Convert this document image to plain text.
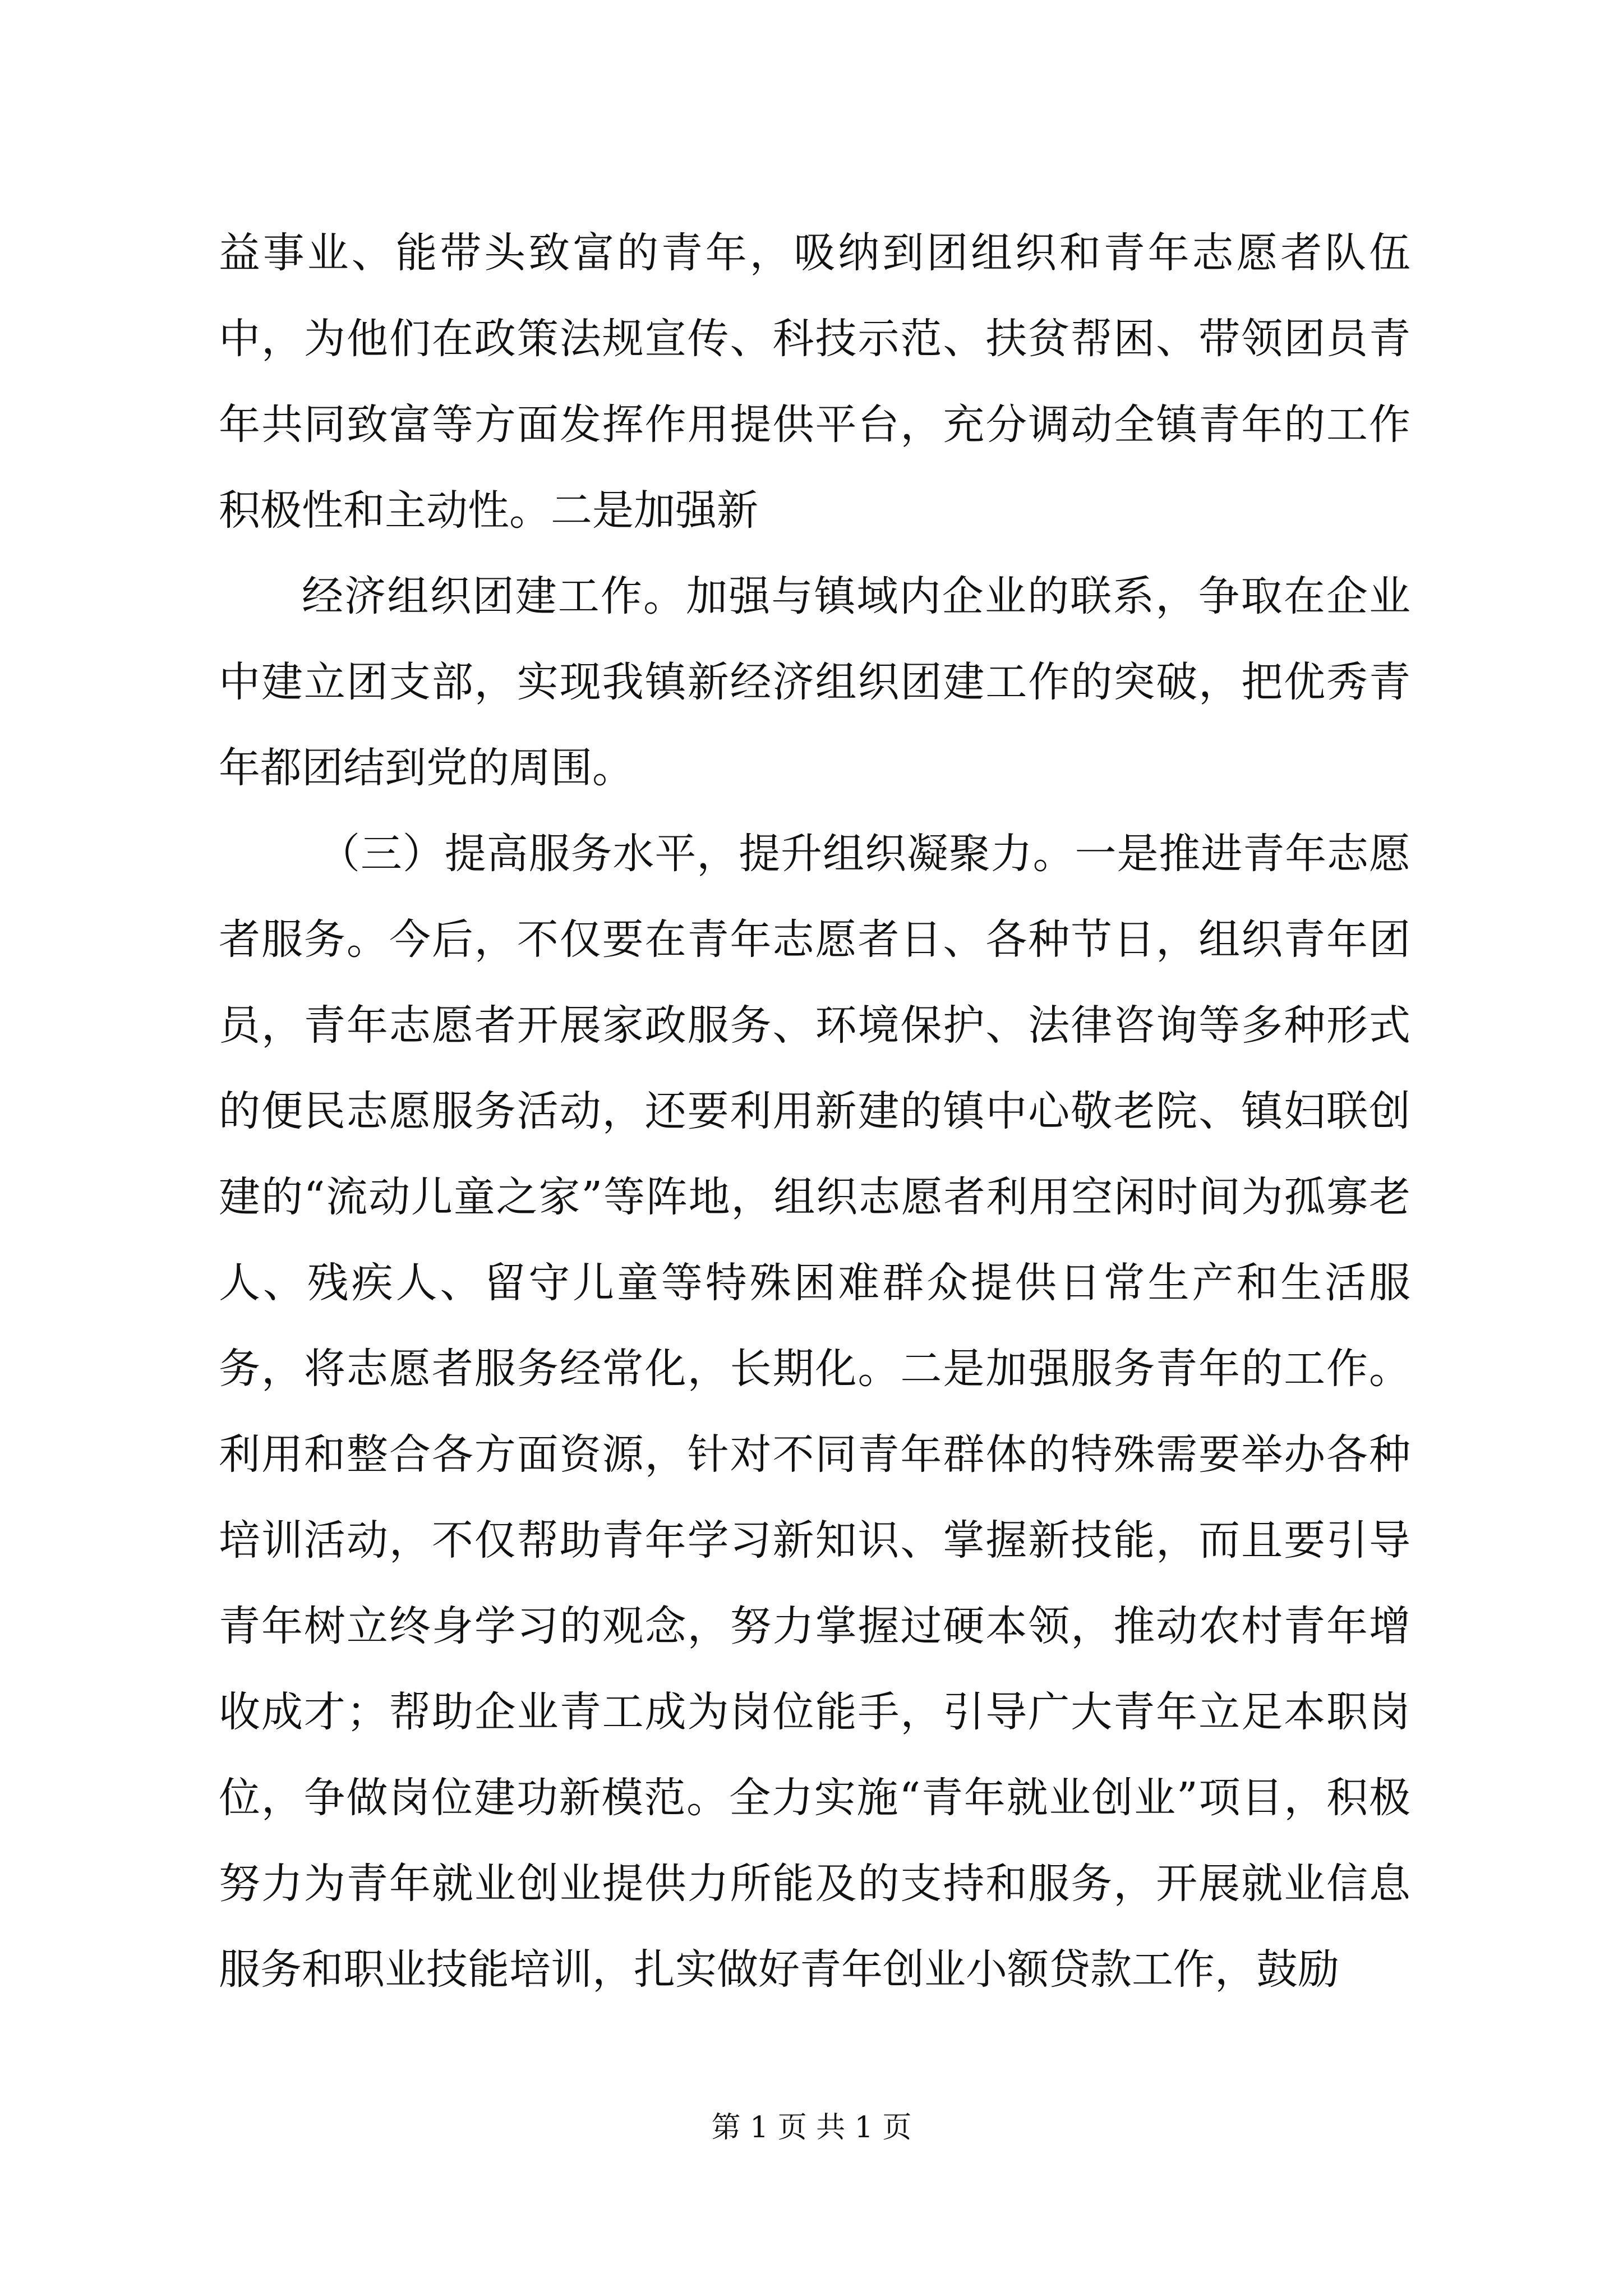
益事业、能带头致富的青年，吸纳到团组织和青年志愿者队伍中，为他们在政策法规宣传、科技示范、扶贫帮困、带领团员青年共同致富等方面发挥作用提供平台，充分调动全镇青年的工作积极性和主动性。二是加强新

经济组织团建工作。加强与镇域内企业的联系，争取在企业中建立团支部，实现我镇新经济组织团建工作的突破，把优秀青年都团结到党的周围。

（三）提高服务水平，提升组织凝聚力。一是推进青年志愿者服务。今后，不仅要在青年志愿者日、各种节日，组织青年团员，青年志愿者开展家政服务、环境保护、法律咨询等多种形式的便民志愿服务活动，还要利用新建的镇中心敬老院、镇妇联创建的“流动儿童之家”等阵地，组织志愿者利用空闲时间为孤寡老人、残疾人、留守儿童等特殊困难群众提供日常生产和生活服务，将志愿者服务经常化，长期化。二是加强服务青年的工作。利用和整合各方面资源，针对不同青年群体的特殊需要举办各种培训活动，不仅帮助青年学习新知识、掌握新技能，而且要引导青年树立终身学习的观念，努力掌握过硬本领，推动农村青年增收成才；帮助企业青工成为岗位能手，引导广大青年立足本职岗位，争做岗位建功新模范。全力实施“青年就业创业”项目，积极努力为青年就业创业提供力所能及的支持和服务，开展就业信息服务和职业技能培训，扎实做好青年创业小额贷款工作，鼓励

第 1 页 共 1 页
